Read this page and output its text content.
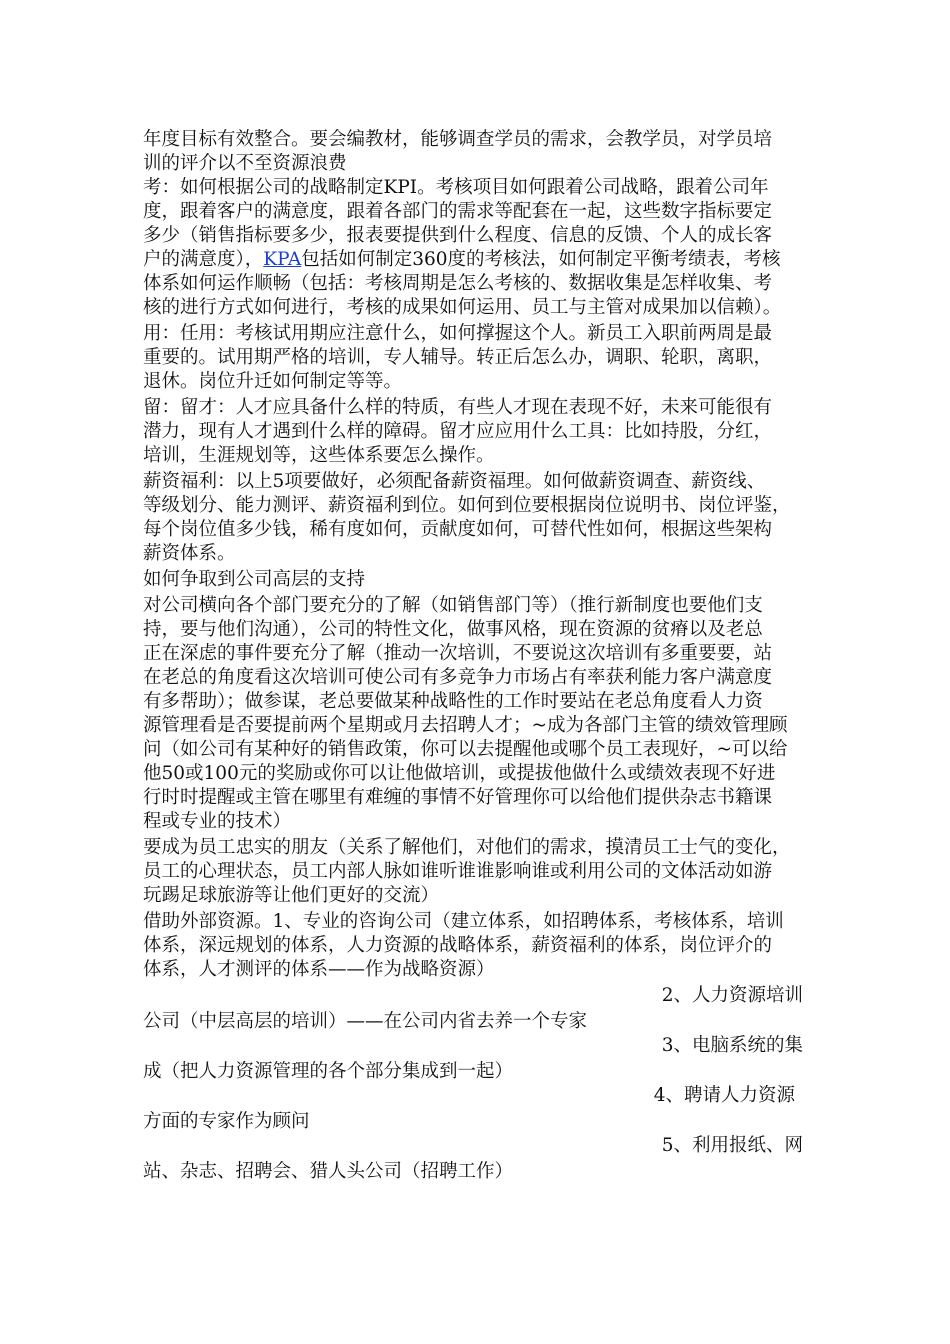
年度目标有效整合。要会编教材，能够调查学员的需求，会教学员，对学员培
训的评介以不至资源浪费
考：如何根据公司的战略制定KPI。考核项目如何跟着公司战略，跟着公司年
度，跟着客户的满意度，跟着各部门的需求等配套在一起，这些数字指标要定
多少（销售指标要多少，报表要提供到什么程度、信息的反馈、个人的成长客
户的满意度），KPA包括如何制定360度的考核法，如何制定平衡考绩表，考核
体系如何运作顺畅（包括：考核周期是怎么考核的、数据收集是怎样收集、考
核的进行方式如何进行，考核的成果如何运用、员工与主管对成果加以信赖）。
用：任用：考核试用期应注意什么，如何撑握这个人。新员工入职前两周是最
重要的。试用期严格的培训，专人辅导。转正后怎么办，调职、轮职，离职，
退休。岗位升迁如何制定等等。
留：留才：人才应具备什么样的特质，有些人才现在表现不好，未来可能很有
潜力，现有人才遇到什么样的障碍。留才应应用什么工具：比如持股，分红，
培训，生涯规划等，这些体系要怎么操作。
薪资福利：以上5项要做好，必须配备薪资福理。如何做薪资调查、薪资线、
等级划分、能力测评、薪资福利到位。如何到位要根据岗位说明书、岗位评鉴，
每个岗位值多少钱，稀有度如何，贡献度如何，可替代性如何，根据这些架构
薪资体系。
如何争取到公司高层的支持
对公司横向各个部门要充分的了解（如销售部门等）（推行新制度也要他们支
持，要与他们沟通），公司的特性文化，做事风格，现在资源的贫瘠以及老总
正在深虑的事件要充分了解（推动一次培训，不要说这次培训有多重要要，站
在老总的角度看这次培训可使公司有多竞争力市场占有率获利能力客户满意度
有多帮助）；做参谋，老总要做某种战略性的工作时要站在老总角度看人力资
源管理看是否要提前两个星期或月去招聘人才；~成为各部门主管的绩效管理顾
问（如公司有某种好的销售政策，你可以去提醒他或哪个员工表现好，~可以给
他50或100元的奖励或你可以让他做培训，或提拔他做什么或绩效表现不好进
行时时提醒或主管在哪里有难缠的事情不好管理你可以给他们提供杂志书籍课
程或专业的技术）
要成为员工忠实的朋友（关系了解他们，对他们的需求，摸清员工士气的变化，
员工的心理状态，员工内部人脉如谁听谁谁影响谁或利用公司的文体活动如游
玩踢足球旅游等让他们更好的交流）
借助外部资源。1、专业的咨询公司（建立体系，如招聘体系，考核体系，培训
体系，深远规划的体系，人力资源的战略体系，薪资福利的体系，岗位评介的
体系，人才测评的体系——作为战略资源）
2、人力资源培训
公司（中层高层的培训）——在公司内省去养一个专家
3、电脑系统的集
成（把人力资源管理的各个部分集成到一起）
4、聘请人力资源
方面的专家作为顾问
5、利用报纸、网
站、杂志、招聘会、猎人头公司（招聘工作）
